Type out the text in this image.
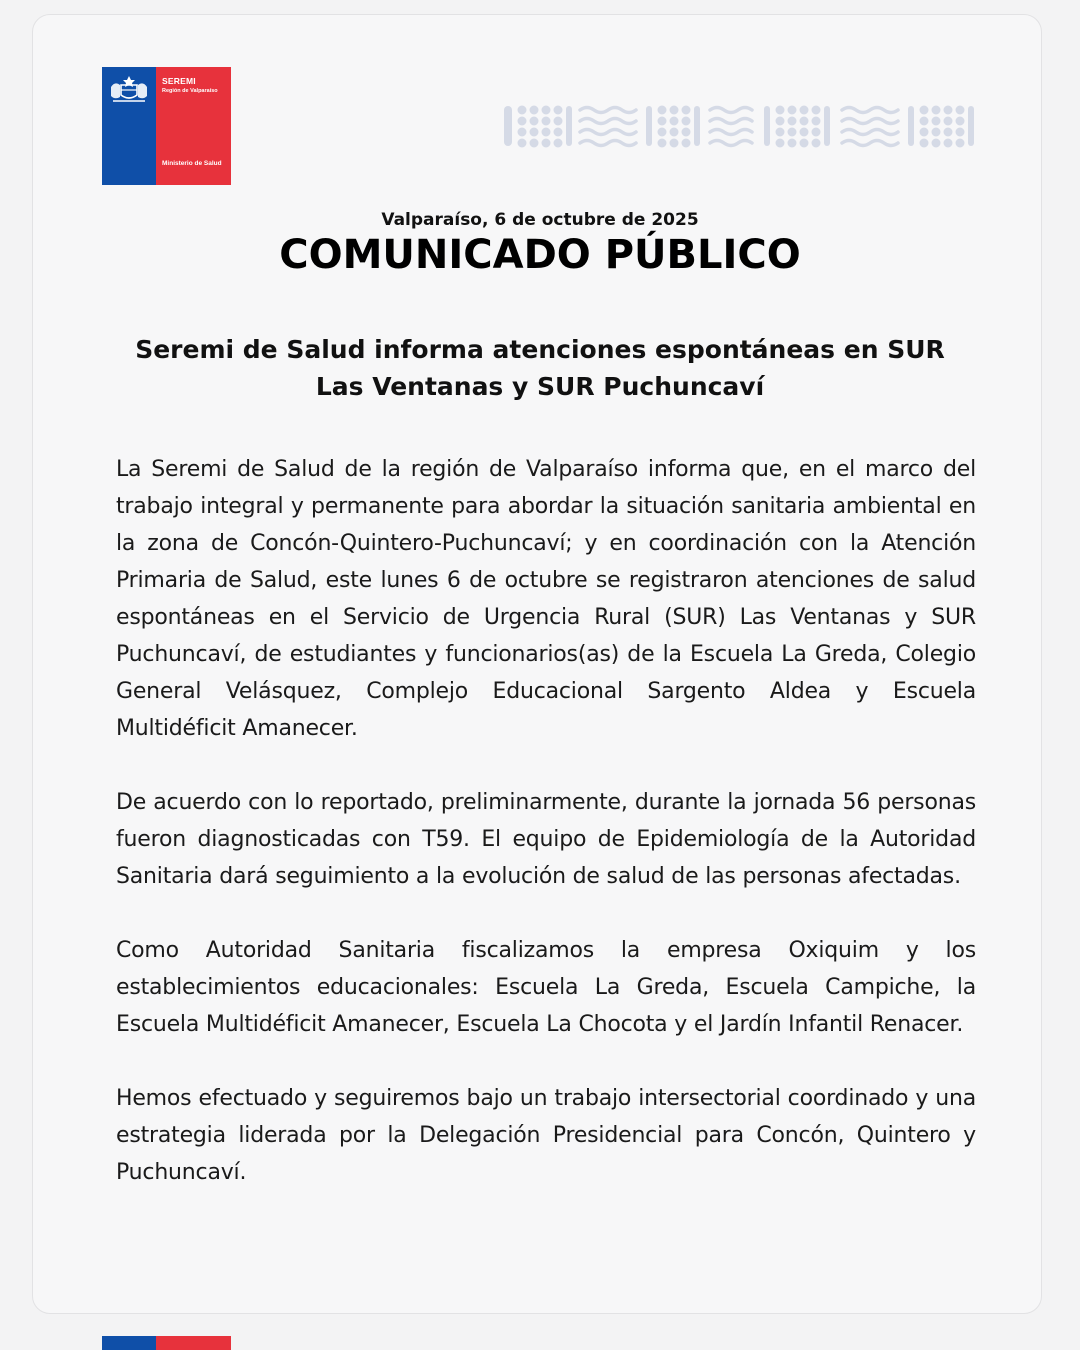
SEREMI
Región de Valparaíso
Ministerio de Salud
Valparaíso, 6 de octubre de 2025
COMUNICADO PÚBLICO
Seremi de Salud informa atenciones espontáneas en SUR Las Ventanas y SUR Puchuncaví

La Seremi de Salud de la región de Valparaíso informa que, en el marco del trabajo integral y permanente para abordar la situación sanitaria ambiental en la zona de Concón-Quintero-Puchuncaví; y en coordinación con la Atención Primaria de Salud, este lunes 6 de octubre se registraron atenciones de salud espontáneas en el Servicio de Urgencia Rural (SUR) Las Ventanas y SUR Puchuncaví, de estudiantes y funcionarios(as) de la Escuela La Greda, Colegio General Velásquez, Complejo Educacional Sargento Aldea y Escuela Multidéficit Amanecer.

De acuerdo con lo reportado, preliminarmente, durante la jornada 56 personas fueron diagnosticadas con T59. El equipo de Epidemiología de la Autoridad Sanitaria dará seguimiento a la evolución de salud de las personas afectadas.

Como Autoridad Sanitaria fiscalizamos la empresa Oxiquim y los establecimientos educacionales: Escuela La Greda, Escuela Campiche, la Escuela Multidéficit Amanecer, Escuela La Chocota y el Jardín Infantil Renacer.

Hemos efectuado y seguiremos bajo un trabajo intersectorial coordinado y una estrategia liderada por la Delegación Presidencial para Concón, Quintero y Puchuncaví.
